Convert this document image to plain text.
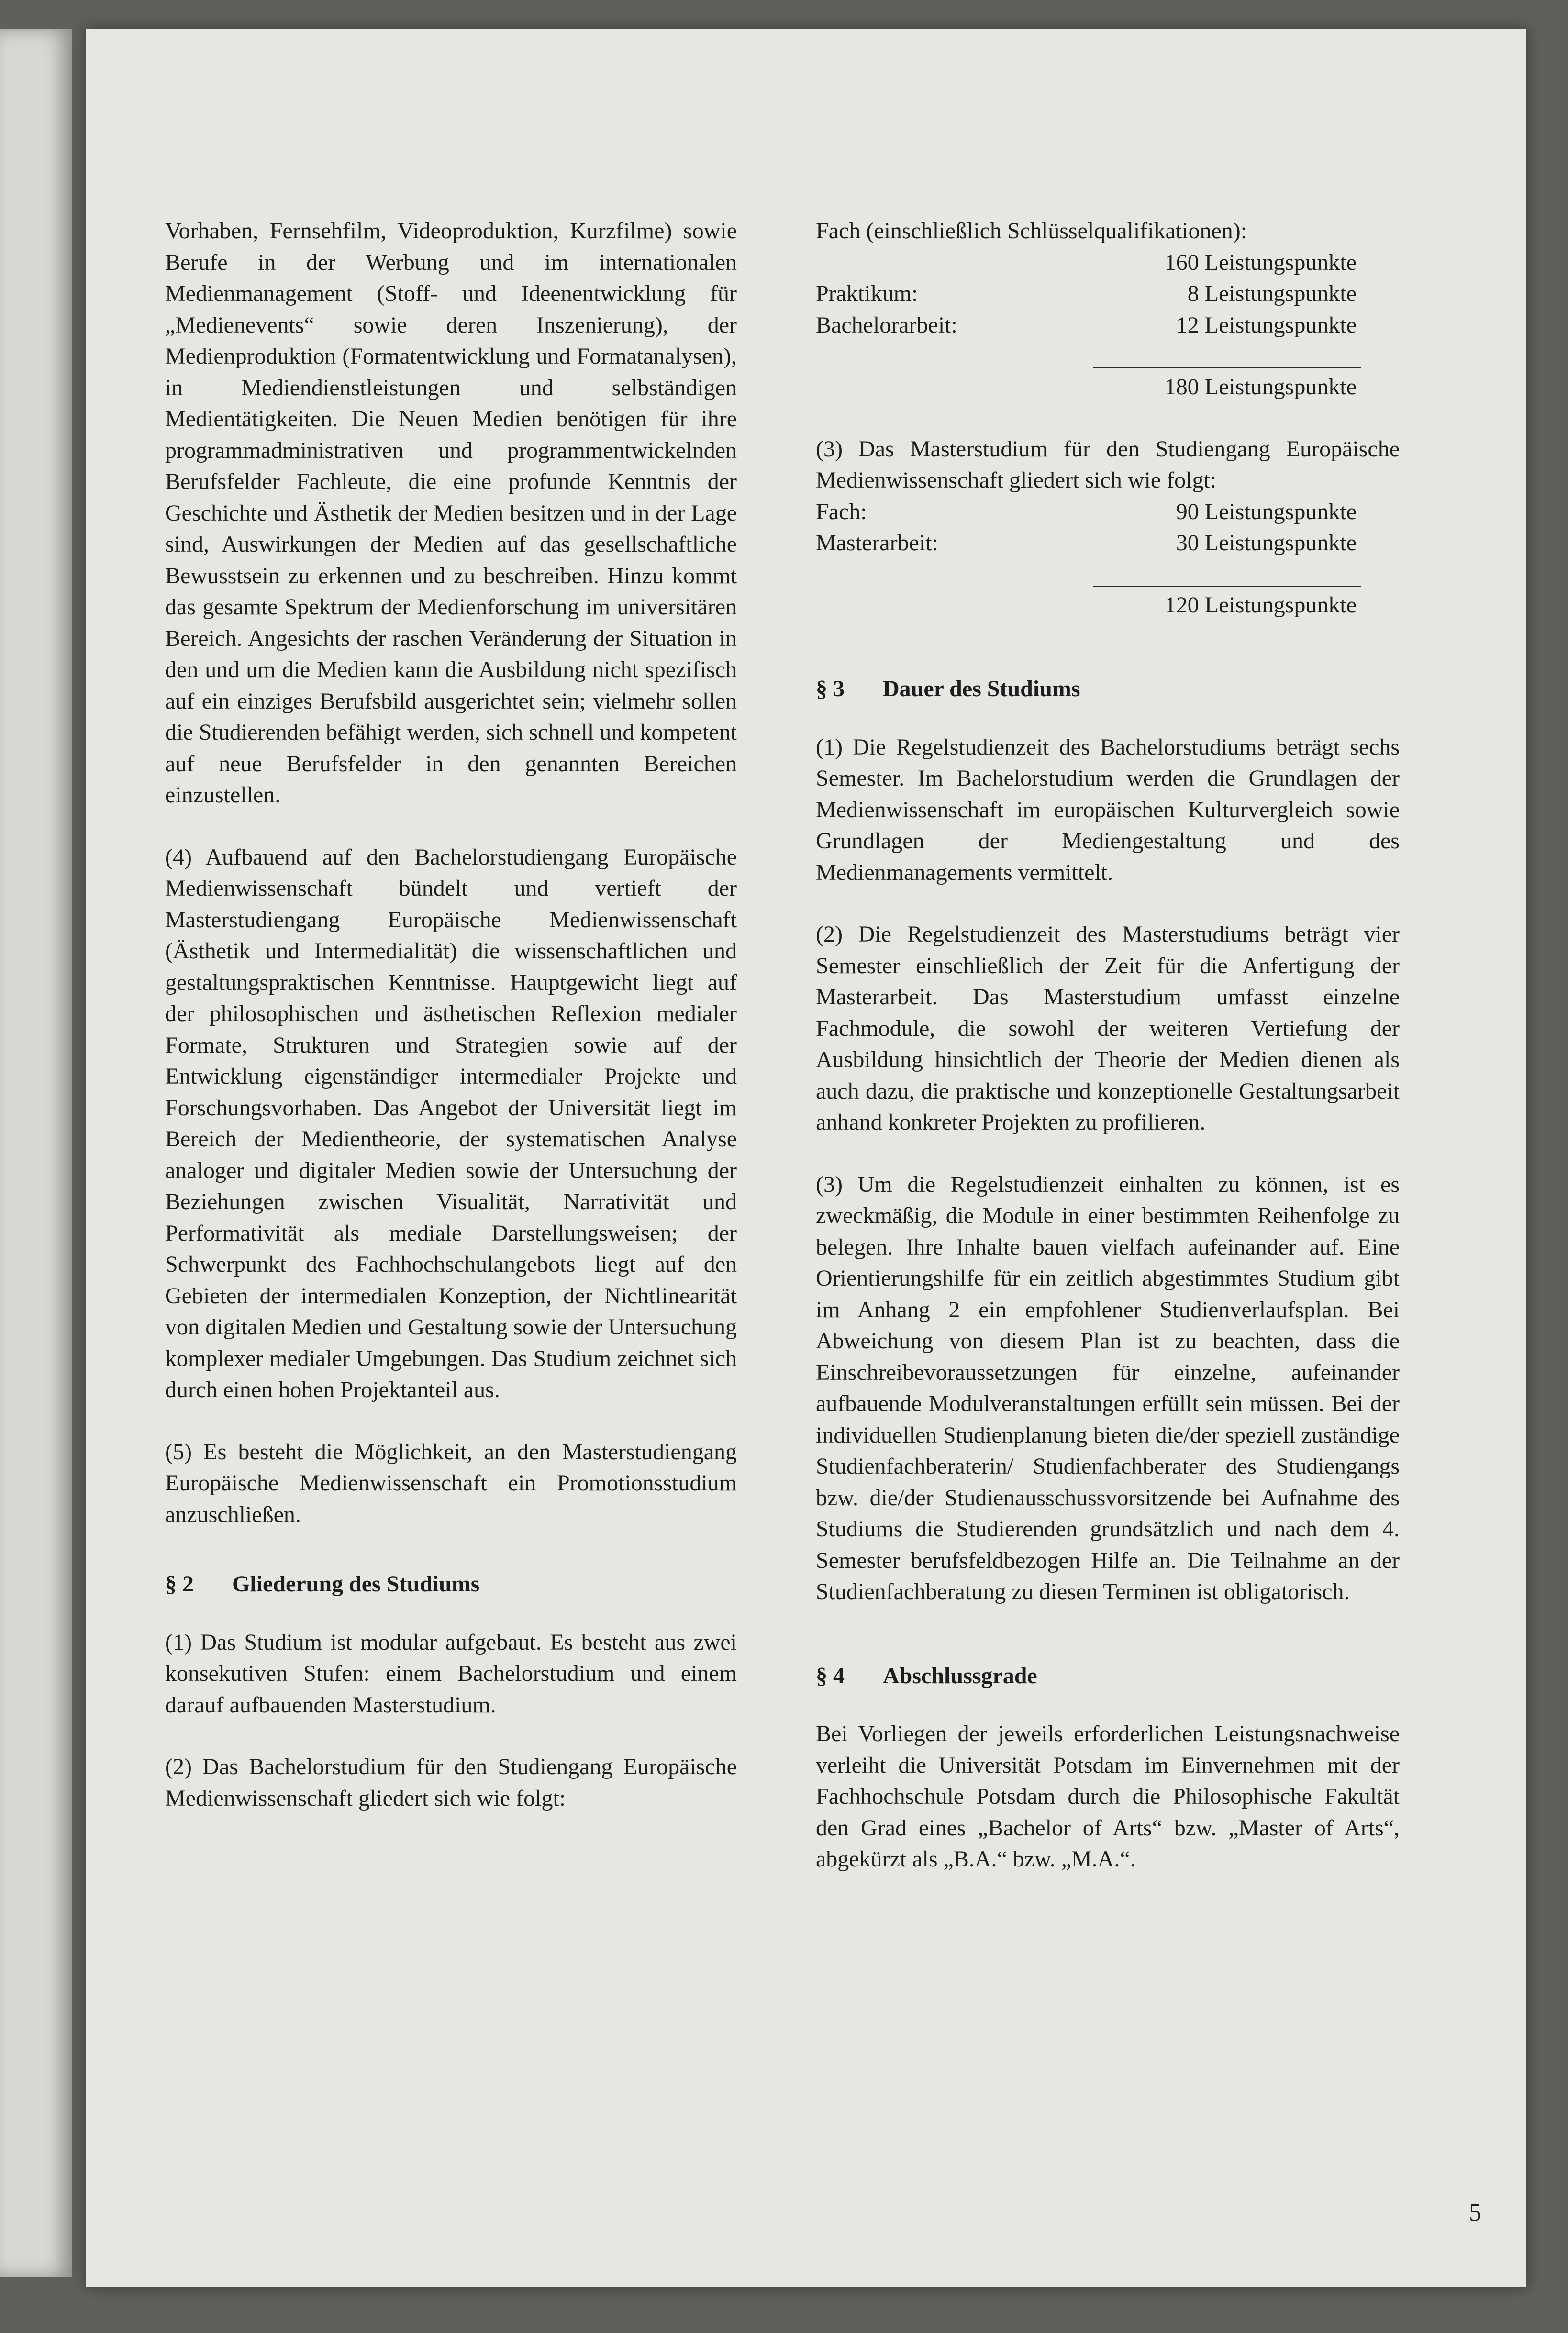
Vorhaben, Fernsehfilm, Videoproduktion, Kurzfilme) sowie Berufe in der Werbung und im internationalen Medienmanagement (Stoff- und Ideenentwicklung für „Medienevents“ sowie deren Inszenierung), der Medienproduktion (Formatentwicklung und Formatanalysen), in Mediendienstleistungen und selbständigen Medientätigkeiten. Die Neuen Medien benötigen für ihre programmadministrativen und programmentwickelnden Berufsfelder Fachleute, die eine profunde Kenntnis der Geschichte und Ästhetik der Medien besitzen und in der Lage sind, Auswirkungen der Medien auf das gesellschaftliche Bewusstsein zu erkennen und zu beschreiben. Hinzu kommt das gesamte Spektrum der Medienforschung im universitären Bereich. Angesichts der raschen Veränderung der Situation in den und um die Medien kann die Ausbildung nicht spezifisch auf ein einziges Berufsbild ausgerichtet sein; vielmehr sollen die Studierenden befähigt werden, sich schnell und kompetent auf neue Berufsfelder in den genannten Bereichen einzustellen.

(4) Aufbauend auf den Bachelorstudiengang Europäische Medienwissenschaft bündelt und vertieft der Masterstudiengang Europäische Medienwissenschaft (Ästhetik und Intermedialität) die wissenschaftlichen und gestaltungspraktischen Kenntnisse. Hauptgewicht liegt auf der philosophischen und ästhetischen Reflexion medialer Formate, Strukturen und Strategien sowie auf der Entwicklung eigenständiger intermedialer Projekte und Forschungsvorhaben. Das Angebot der Universität liegt im Bereich der Medientheorie, der systematischen Analyse analoger und digitaler Medien sowie der Untersuchung der Beziehungen zwischen Visualität, Narrativität und Performativität als mediale Darstellungsweisen; der Schwerpunkt des Fachhochschulangebots liegt auf den Gebieten der intermedialen Konzeption, der Nichtlinearität von digitalen Medien und Gestaltung sowie der Untersuchung komplexer medialer Umgebungen. Das Studium zeichnet sich durch einen hohen Projektanteil aus.

(5) Es besteht die Möglichkeit, an den Masterstudiengang Europäische Medienwissenschaft ein Promotionsstudium anzuschließen.

§ 2	Gliederung des Studiums

(1) Das Studium ist modular aufgebaut. Es besteht aus zwei konsekutiven Stufen: einem Bachelorstudium und einem darauf aufbauenden Masterstudium.

(2) Das Bachelorstudium für den Studiengang Europäische Medienwissenschaft gliedert sich wie folgt:

Fach (einschließlich Schlüsselqualifikationen):
160 Leistungspunkte
Praktikum:	8 Leistungspunkte
Bachelorarbeit:	12 Leistungspunkte
180 Leistungspunkte

(3) Das Masterstudium für den Studiengang Europäische Medienwissenschaft gliedert sich wie folgt:

Fach:	90 Leistungspunkte
Masterarbeit:	30 Leistungspunkte
120 Leistungspunkte
§ 3	Dauer des Studiums

(1) Die Regelstudienzeit des Bachelorstudiums beträgt sechs Semester. Im Bachelorstudium werden die Grundlagen der Medienwissenschaft im europäischen Kulturvergleich sowie Grundlagen der Mediengestaltung und des Medienmanagements vermittelt.

(2) Die Regelstudienzeit des Masterstudiums beträgt vier Semester einschließlich der Zeit für die Anfertigung der Masterarbeit. Das Masterstudium umfasst einzelne Fachmodule, die sowohl der weiteren Vertiefung der Ausbildung hinsichtlich der Theorie der Medien dienen als auch dazu, die praktische und konzeptionelle Gestaltungsarbeit anhand konkreter Projekten zu profilieren.

(3) Um die Regelstudienzeit einhalten zu können, ist es zweckmäßig, die Module in einer bestimmten Reihenfolge zu belegen. Ihre Inhalte bauen vielfach aufeinander auf. Eine Orientierungshilfe für ein zeitlich abgestimmtes Studium gibt im Anhang 2 ein empfohlener Studienverlaufsplan. Bei Abweichung von diesem Plan ist zu beachten, dass die Einschreibevoraussetzungen für einzelne, aufeinander aufbauende Modulveranstaltungen erfüllt sein müssen. Bei der individuellen Studienplanung bieten die/der speziell zuständige Studienfachberaterin/ Studienfachberater des Studiengangs bzw. die/der Studienausschussvorsitzende bei Aufnahme des Studiums die Studierenden grundsätzlich und nach dem 4. Semester berufsfeldbezogen Hilfe an. Die Teilnahme an der Studienfachberatung zu diesen Terminen ist obligatorisch.

§ 4	Abschlussgrade

Bei Vorliegen der jeweils erforderlichen Leistungsnachweise verleiht die Universität Potsdam im Einvernehmen mit der Fachhochschule Potsdam durch die Philosophische Fakultät den Grad eines „Bachelor of Arts“ bzw. „Master of Arts“, abgekürzt als „B.A.“ bzw. „M.A.“.

5
